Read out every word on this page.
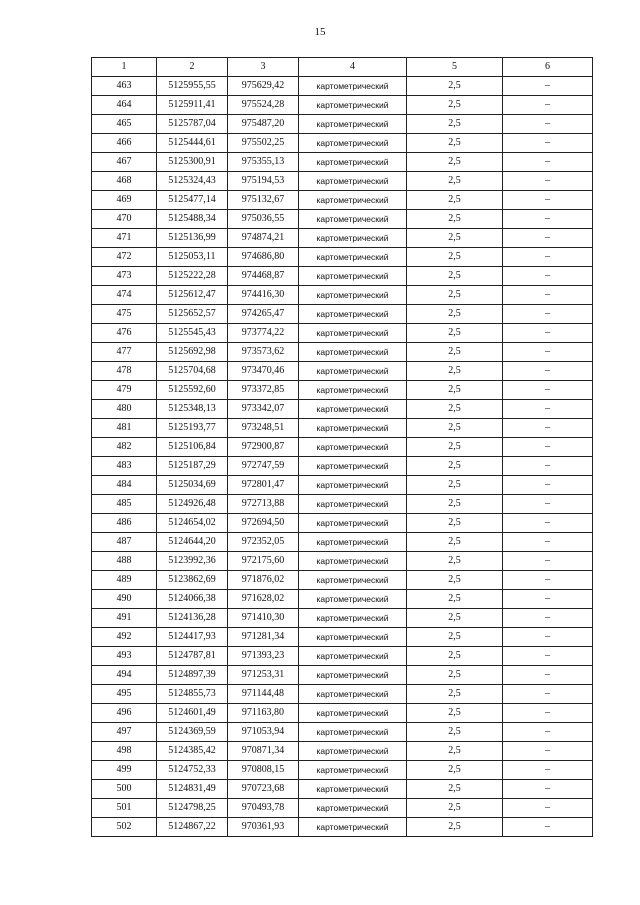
15
1	2	3	4	5	6
463	5125955,55	975629,42	картометрический	2,5	–
464	5125911,41	975524,28	картометрический	2,5	–
465	5125787,04	975487,20	картометрический	2,5	–
466	5125444,61	975502,25	картометрический	2,5	–
467	5125300,91	975355,13	картометрический	2,5	–
468	5125324,43	975194,53	картометрический	2,5	–
469	5125477,14	975132,67	картометрический	2,5	–
470	5125488,34	975036,55	картометрический	2,5	–
471	5125136,99	974874,21	картометрический	2,5	–
472	5125053,11	974686,80	картометрический	2,5	–
473	5125222,28	974468,87	картометрический	2,5	–
474	5125612,47	974416,30	картометрический	2,5	–
475	5125652,57	974265,47	картометрический	2,5	–
476	5125545,43	973774,22	картометрический	2,5	–
477	5125692,98	973573,62	картометрический	2,5	–
478	5125704,68	973470,46	картометрический	2,5	–
479	5125592,60	973372,85	картометрический	2,5	–
480	5125348,13	973342,07	картометрический	2,5	–
481	5125193,77	973248,51	картометрический	2,5	–
482	5125106,84	972900,87	картометрический	2,5	–
483	5125187,29	972747,59	картометрический	2,5	–
484	5125034,69	972801,47	картометрический	2,5	–
485	5124926,48	972713,88	картометрический	2,5	–
486	5124654,02	972694,50	картометрический	2,5	–
487	5124644,20	972352,05	картометрический	2,5	–
488	5123992,36	972175,60	картометрический	2,5	–
489	5123862,69	971876,02	картометрический	2,5	–
490	5124066,38	971628,02	картометрический	2,5	–
491	5124136,28	971410,30	картометрический	2,5	–
492	5124417,93	971281,34	картометрический	2,5	–
493	5124787,81	971393,23	картометрический	2,5	–
494	5124897,39	971253,31	картометрический	2,5	–
495	5124855,73	971144,48	картометрический	2,5	–
496	5124601,49	971163,80	картометрический	2,5	–
497	5124369,59	971053,94	картометрический	2,5	–
498	5124385,42	970871,34	картометрический	2,5	–
499	5124752,33	970808,15	картометрический	2,5	–
500	5124831,49	970723,68	картометрический	2,5	–
501	5124798,25	970493,78	картометрический	2,5	–
502	5124867,22	970361,93	картометрический	2,5	–
